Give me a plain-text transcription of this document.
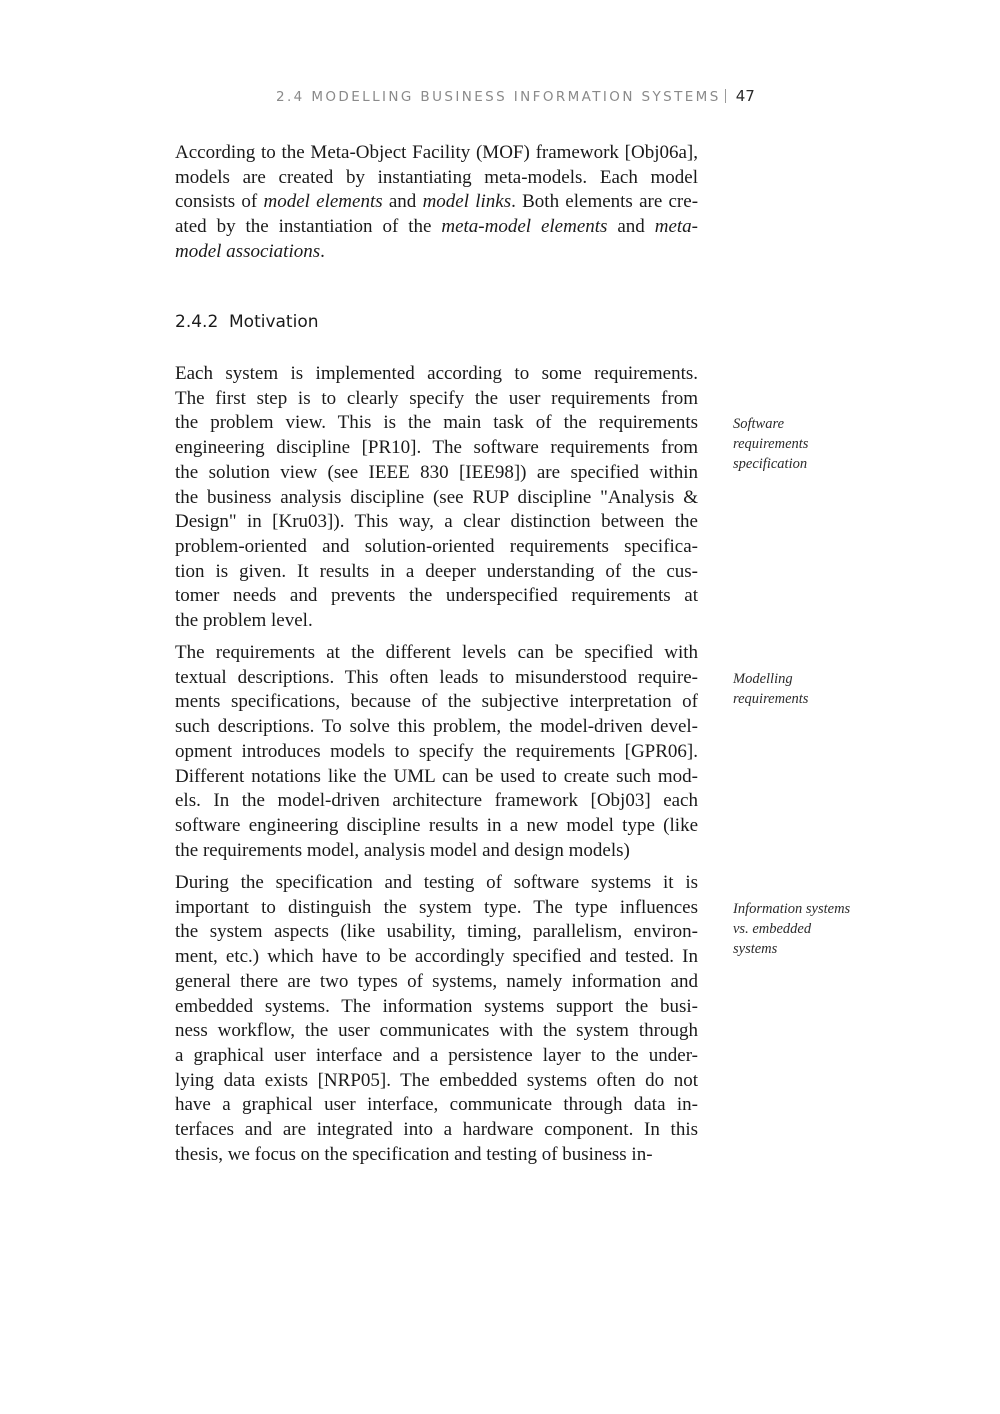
2.4 MODELLING BUSINESS INFORMATION SYSTEMS 47

According to the Meta-Object Facility (MOF) framework [Obj06a],
models are created by instantiating meta-models. Each model
consists of model elements and model links. Both elements are cre-
ated by the instantiation of the meta-model elements and meta-
model associations.

2.4.2 Motivation

Each system is implemented according to some requirements.
The first step is to clearly specify the user requirements from
the problem view. This is the main task of the requirements
engineering discipline [PR10]. The software requirements from
the solution view (see IEEE 830 [IEE98]) are specified within
the business analysis discipline (see RUP discipline "Analysis &
Design" in [Kru03]). This way, a clear distinction between the
problem-oriented and solution-oriented requirements specifica-
tion is given. It results in a deeper understanding of the cus-
tomer needs and prevents the underspecified requirements at
the problem level.

The requirements at the different levels can be specified with
textual descriptions. This often leads to misunderstood require-
ments specifications, because of the subjective interpretation of
such descriptions. To solve this problem, the model-driven devel-
opment introduces models to specify the requirements [GPR06].
Different notations like the UML can be used to create such mod-
els. In the model-driven architecture framework [Obj03] each
software engineering discipline results in a new model type (like
the requirements model, analysis model and design models)

During the specification and testing of software systems it is
important to distinguish the system type. The type influences
the system aspects (like usability, timing, parallelism, environ-
ment, etc.) which have to be accordingly specified and tested. In
general there are two types of systems, namely information and
embedded systems. The information systems support the busi-
ness workflow, the user communicates with the system through
a graphical user interface and a persistence layer to the under-
lying data exists [NRP05]. The embedded systems often do not
have a graphical user interface, communicate through data in-
terfaces and are integrated into a hardware component. In this
thesis, we focus on the specification and testing of business in-

Software
requirements
specification
Modelling
requirements
Information systems
vs. embedded
systems
